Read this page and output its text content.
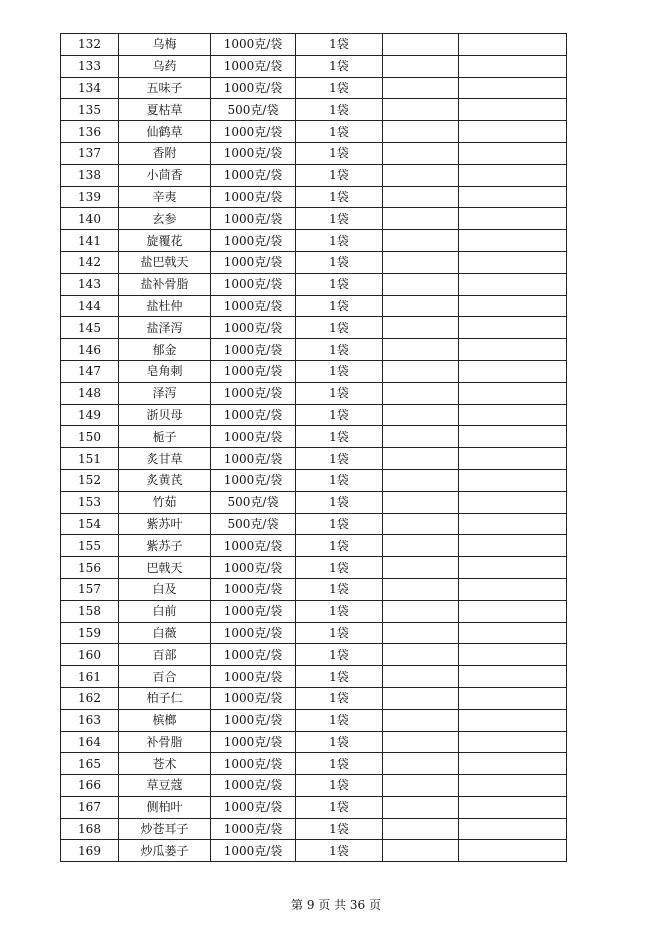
132	乌梅	1000克/袋	1袋		
133	乌药	1000克/袋	1袋		
134	五味子	1000克/袋	1袋		
135	夏枯草	500克/袋	1袋		
136	仙鹤草	1000克/袋	1袋		
137	香附	1000克/袋	1袋		
138	小茴香	1000克/袋	1袋		
139	辛夷	1000克/袋	1袋		
140	玄参	1000克/袋	1袋		
141	旋覆花	1000克/袋	1袋		
142	盐巴戟天	1000克/袋	1袋		
143	盐补骨脂	1000克/袋	1袋		
144	盐杜仲	1000克/袋	1袋		
145	盐泽泻	1000克/袋	1袋		
146	郁金	1000克/袋	1袋		
147	皂角刺	1000克/袋	1袋		
148	泽泻	1000克/袋	1袋		
149	浙贝母	1000克/袋	1袋		
150	栀子	1000克/袋	1袋		
151	炙甘草	1000克/袋	1袋		
152	炙黄芪	1000克/袋	1袋		
153	竹茹	500克/袋	1袋		
154	紫苏叶	500克/袋	1袋		
155	紫苏子	1000克/袋	1袋		
156	巴戟天	1000克/袋	1袋		
157	白及	1000克/袋	1袋		
158	白前	1000克/袋	1袋		
159	白薇	1000克/袋	1袋		
160	百部	1000克/袋	1袋		
161	百合	1000克/袋	1袋		
162	柏子仁	1000克/袋	1袋		
163	槟榔	1000克/袋	1袋		
164	补骨脂	1000克/袋	1袋		
165	苍术	1000克/袋	1袋		
166	草豆蔻	1000克/袋	1袋		
167	侧柏叶	1000克/袋	1袋		
168	炒苍耳子	1000克/袋	1袋		
169	炒瓜蒌子	1000克/袋	1袋		
第 9 页 共 36 页
